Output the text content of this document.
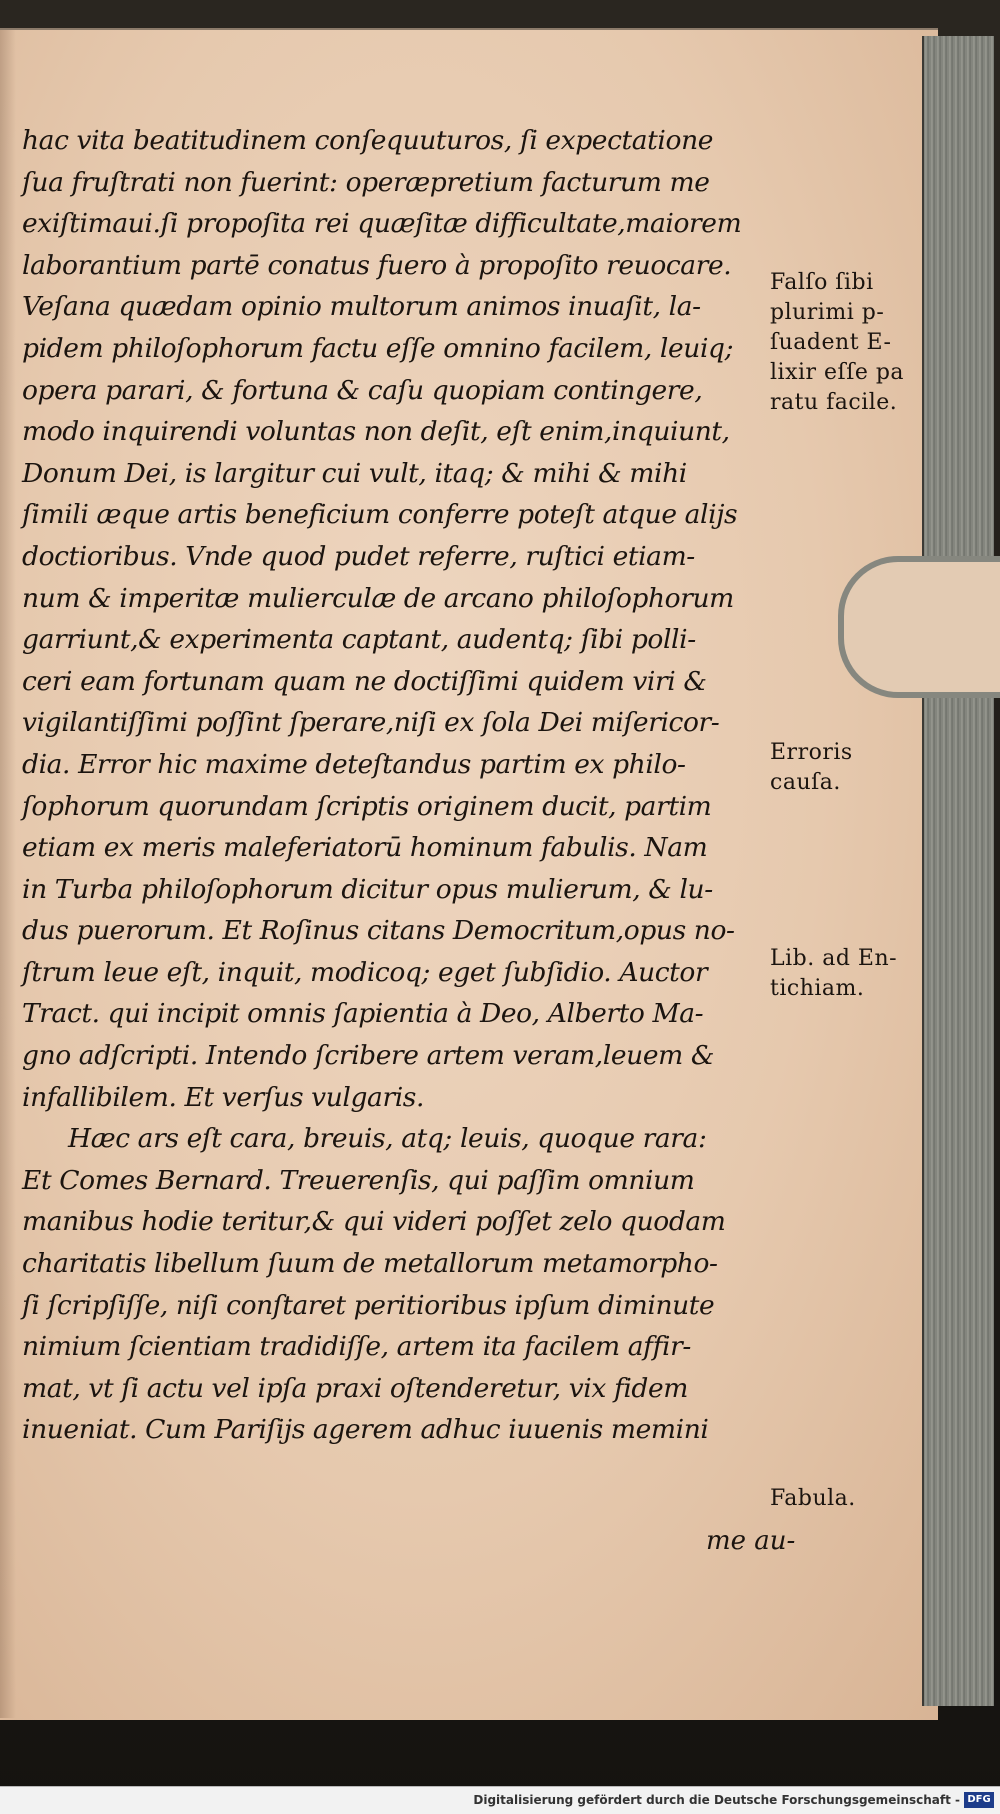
hac vita beatitudinem conſequuturos, ſi expectatione
ſua fruſtrati non fuerint: operæpretium facturum me
exiſtimaui.ſi propoſita rei quæſitæ difficultate,maiorem
laborantium partē conatus fuero à propoſito reuocare.
Veſana quædam opinio multorum animos inuaſit, la-
pidem philoſophorum factu eſſe omnino facilem, leuiq;
opera parari, & fortuna & caſu quopiam contingere,
modo inquirendi voluntas non deſit, eſt enim,inquiunt,
Donum Dei, is largitur cui vult, itaq; & mihi & mihi
ſimili æque artis beneficium conferre poteſt atque alijs
doctioribus. Vnde quod pudet referre, ruſtici etiam-
num & imperitæ mulierculæ de arcano philoſophorum
garriunt,& experimenta captant, audentq; ſibi polli-
ceri eam fortunam quam ne doctiſſimi quidem viri &
vigilantiſſimi poſſint ſperare,niſi ex ſola Dei miſericor-
dia. Error hic maxime deteſtandus partim ex philo-
ſophorum quorundam ſcriptis originem ducit, partim
etiam ex meris maleferiatorū hominum fabulis. Nam
in Turba philoſophorum dicitur opus mulierum, & lu-
dus puerorum. Et Roſinus citans Democritum,opus no-
ſtrum leue eſt, inquit, modicoq; eget ſubſidio. Auctor
Tract. qui incipit omnis ſapientia à Deo, Alberto Ma-
gno adſcripti. Intendo ſcribere artem veram,leuem &
infallibilem. Et verſus vulgaris.
Hæc ars eſt cara, breuis, atq; leuis, quoque rara:
Et Comes Bernard. Treuerenſis, qui paſſim omnium
manibus hodie teritur,& qui videri poſſet zelo quodam
charitatis libellum ſuum de metallorum metamorpho-
ſi ſcripſiſſe, niſi conſtaret peritioribus ipſum diminute
nimium ſcientiam tradidiſſe, artem ita facilem affir-
mat, vt ſi actu vel ipſa praxi oſtenderetur, vix fidem
inueniat. Cum Pariſijs agerem adhuc iuuenis memini
me au-
Falſo ſibi
plurimi p-
ſuadent E-
lixir eſſe pa
ratu facile.
Erroris
cauſa.
Lib. ad En-
tichiam.
Fabula.
Digitalisierung gefördert durch die Deutsche Forschungsgemeinschaft - DFG
